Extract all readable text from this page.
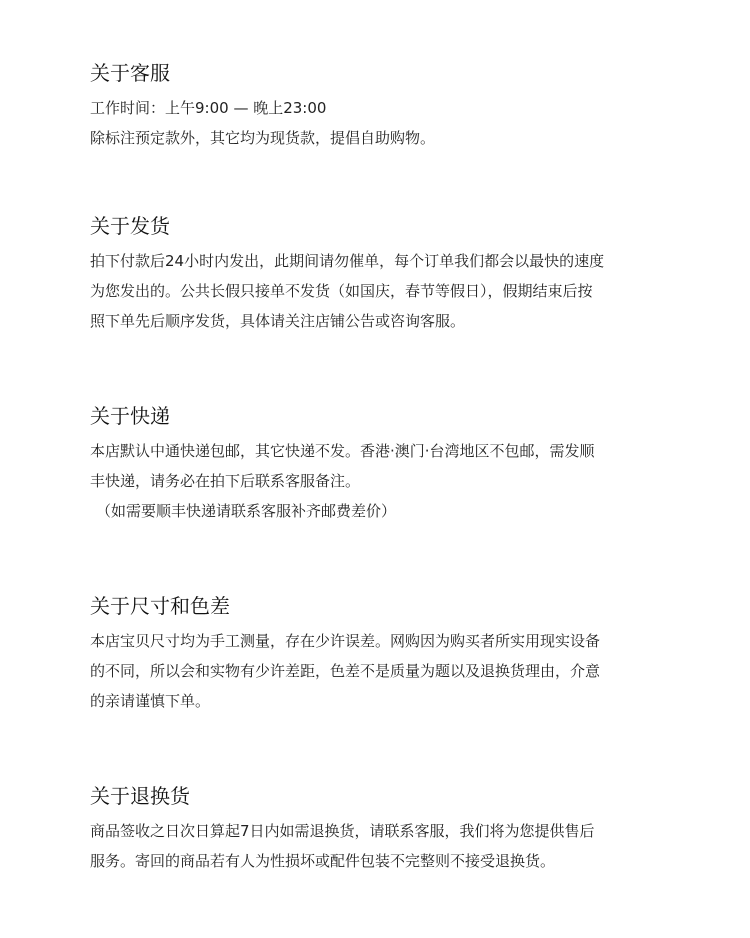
关于客服

工作时间：上午9:00 — 晚上23:00

除标注预定款外，其它均为现货款，提倡自助购物。

关于发货

拍下付款后24小时内发出，此期间请勿催单，每个订单我们都会以最快的速度

为您发出的。公共长假只接单不发货（如国庆，春节等假日），假期结束后按

照下单先后顺序发货，具体请关注店铺公告或咨询客服。

关于快递

本店默认中通快递包邮，其它快递不发。香港·澳门·台湾地区不包邮，需发顺

丰快递，请务必在拍下后联系客服备注。

（如需要顺丰快递请联系客服补齐邮费差价）

关于尺寸和色差

本店宝贝尺寸均为手工测量，存在少许误差。网购因为购买者所实用现实设备

的不同，所以会和实物有少许差距，色差不是质量为题以及退换货理由，介意

的亲请谨慎下单。

关于退换货

商品签收之日次日算起7日内如需退换货，请联系客服，我们将为您提供售后

服务。寄回的商品若有人为性损坏或配件包装不完整则不接受退换货。
